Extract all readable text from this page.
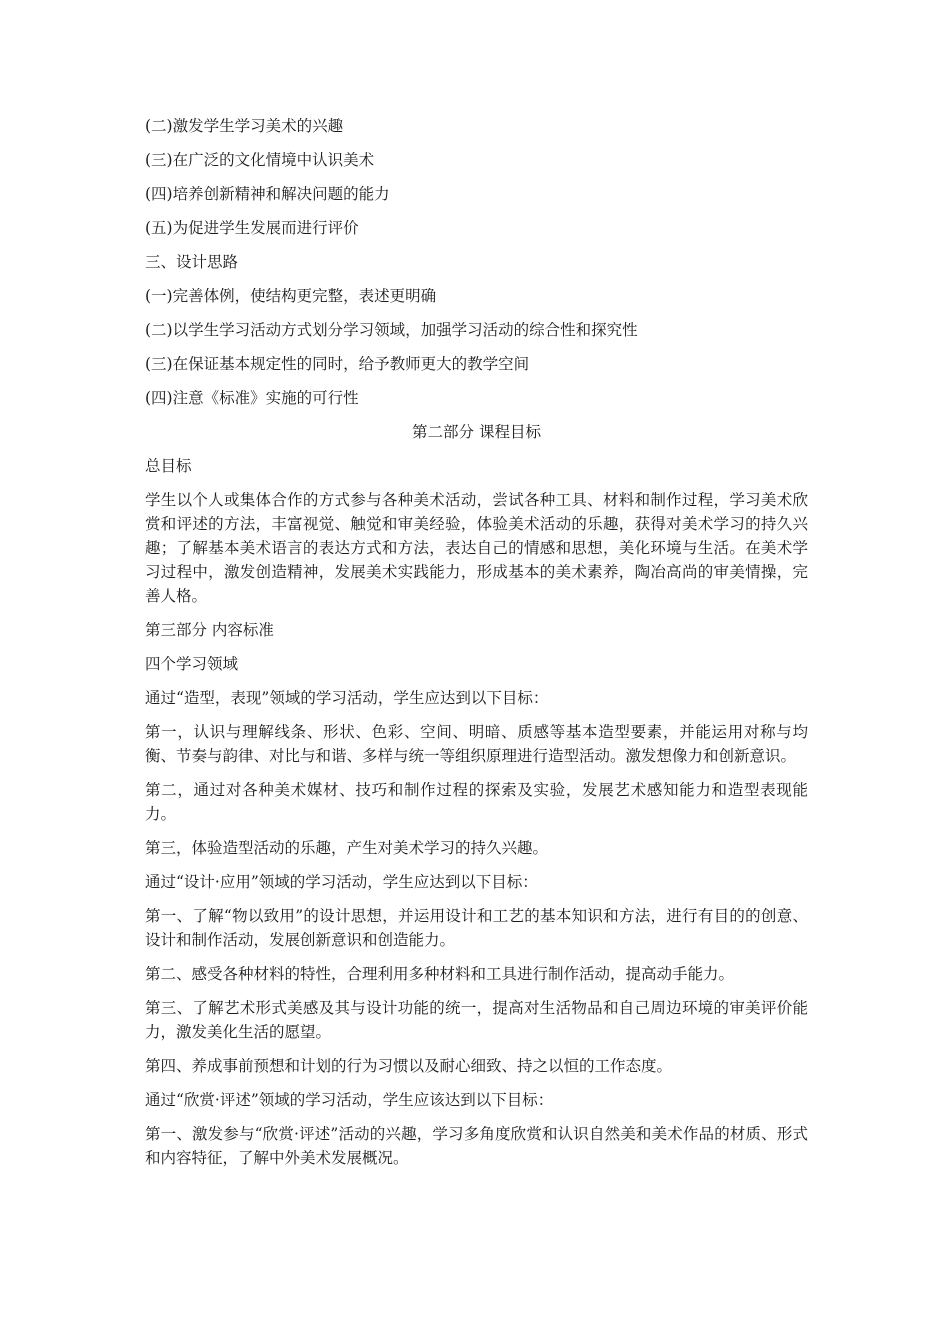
(二)激发学生学习美术的兴趣

(三)在广泛的文化情境中认识美术

(四)培养创新精神和解决问题的能力

(五)为促进学生发展而进行评价

三、设计思路

(一)完善体例，使结构更完整，表述更明确

(二)以学生学习活动方式划分学习领域，加强学习活动的综合性和探究性

(三)在保证基本规定性的同时，给予教师更大的教学空间

(四)注意《标准》实施的可行性

第二部分 课程目标

总目标

学生以个人或集体合作的方式参与各种美术活动，尝试各种工具、材料和制作过程，学习美术欣赏和评述的方法，丰富视觉、触觉和审美经验，体验美术活动的乐趣，获得对美术学习的持久兴趣；了解基本美术语言的表达方式和方法，表达自己的情感和思想，美化环境与生活。在美术学习过程中，激发创造精神，发展美术实践能力，形成基本的美术素养，陶冶高尚的审美情操，完善人格。

第三部分 内容标准

四个学习领域

通过“造型，表现”领域的学习活动，学生应达到以下目标：

第一，认识与理解线条、形状、色彩、空间、明暗、质感等基本造型要素，并能运用对称与均衡、节奏与韵律、对比与和谐、多样与统一等组织原理进行造型活动。激发想像力和创新意识。

第二，通过对各种美术媒材、技巧和制作过程的探索及实验，发展艺术感知能力和造型表现能力。

第三，体验造型活动的乐趣，产生对美术学习的持久兴趣。

通过“设计·应用”领域的学习活动，学生应达到以下目标：

第一、了解“物以致用”的设计思想，并运用设计和工艺的基本知识和方法，进行有目的的创意、设计和制作活动，发展创新意识和创造能力。

第二、感受各种材料的特性，合理利用多种材料和工具进行制作活动，提高动手能力。

第三、了解艺术形式美感及其与设计功能的统一，提高对生活物品和自己周边环境的审美评价能力，激发美化生活的愿望。

第四、养成事前预想和计划的行为习惯以及耐心细致、持之以恒的工作态度。

通过“欣赏·评述”领域的学习活动，学生应该达到以下目标：

第一、激发参与“欣赏·评述”活动的兴趣，学习多角度欣赏和认识自然美和美术作品的材质、形式和内容特征，了解中外美术发展概况。
